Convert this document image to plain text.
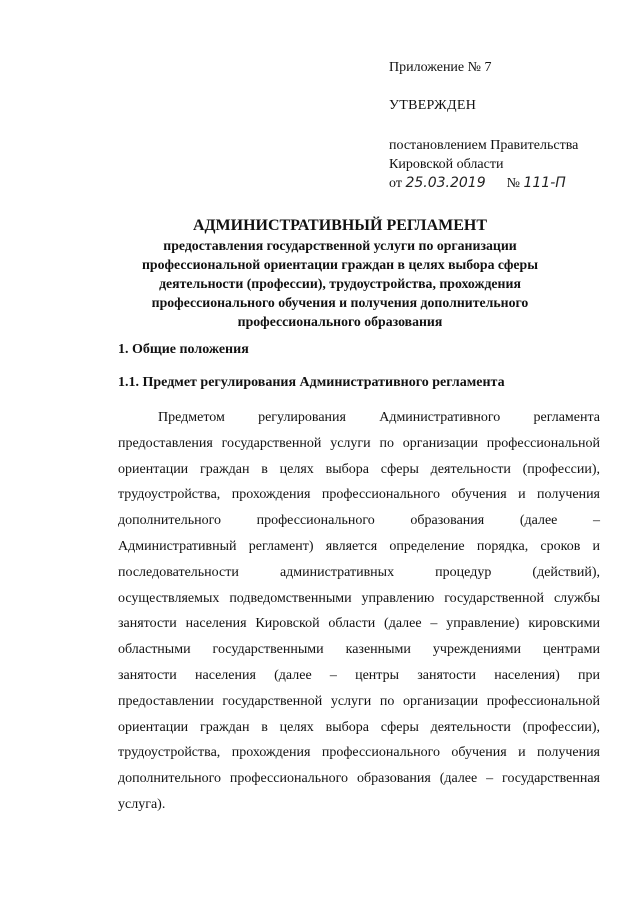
Приложение № 7

УТВЕРЖДЕН

постановлением Правительства

Кировской области

от 25.03.2019 № 111-П

АДМИНИСТРАТИВНЫЙ РЕГЛАМЕНТ
предоставления государственной услуги по организации
профессиональной ориентации граждан в целях выбора сферы
деятельности (профессии), трудоустройства, прохождения
профессионального обучения и получения дополнительного
профессионального образования
1. Общие положения
1.1. Предмет регулирования Административного регламента
Предметом регулирования Административного регламента
предоставления государственной услуги по организации профессиональной
ориентации граждан в целях выбора сферы деятельности (профессии),
трудоустройства, прохождения профессионального обучения и получения
дополнительного профессионального образования (далее –
Административный регламент) является определение порядка, сроков и
последовательности административных процедур (действий),
осуществляемых подведомственными управлению государственной службы
занятости населения Кировской области (далее – управление) кировскими
областными государственными казенными учреждениями центрами
занятости населения (далее – центры занятости населения) при
предоставлении государственной услуги по организации профессиональной
ориентации граждан в целях выбора сферы деятельности (профессии),
трудоустройства, прохождения профессионального обучения и получения
дополнительного профессионального образования (далее – государственная
услуга).
